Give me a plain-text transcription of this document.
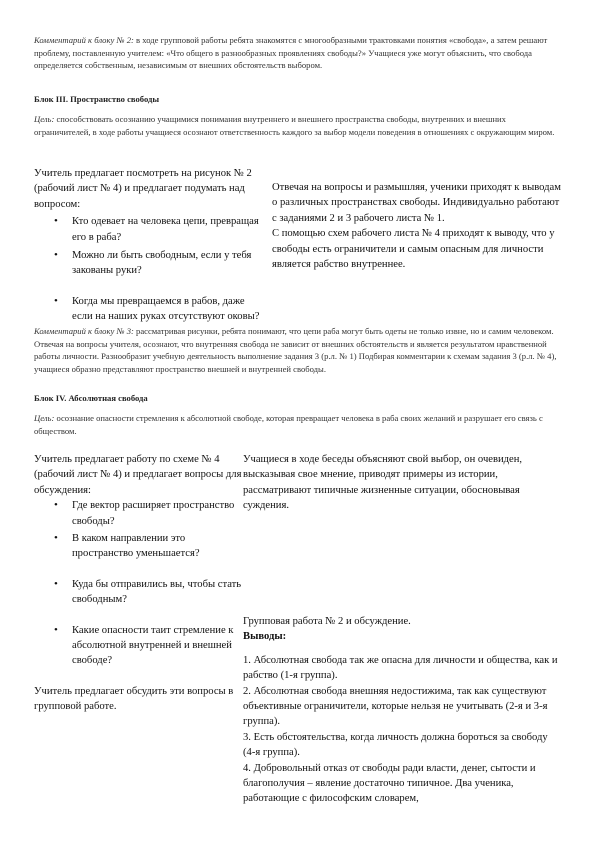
Комментарий к блоку № 2: в ходе групповой работы ребята знакомятся с многообразными трактовками понятия «свобода», а затем решают проблему, поставленную учителем: «Что общего в разнообразных проявлениях свободы?» Учащиеся уже могут объяснить, что свобода определяется собственным, независимым от внешних обстоятельств выбором.
Блок III. Пространство свободы
Цель: способствовать осознанию учащимися понимания внутреннего и внешнего пространства свободы, внутренних и внешних ограничителей, в ходе работы учащиеся осознают ответственность каждого за выбор модели поведения в отношениях с окружающим миром.

Учитель предлагает посмотреть на рисунок № 2 (рабочий лист № 4) и предлагает подумать над вопросом:

• Кто одевает на человека цепи, превращая его в раба?
• Можно ли быть свободным, если у тебя закованы руки?
• Когда мы превращаемся в рабов, даже если на наших руках отсутствуют оковы?

Отвечая на вопросы и размышляя, ученики приходят к выводам о различных пространствах свободы. Индивидуально работают с заданиями 2 и 3 рабочего листа № 1.

С помощью схем рабочего листа № 4 приходят к выводу, что у свободы есть ограничители и самым опасным для личности является рабство внутреннее.

Комментарий к блоку № 3: рассматривая рисунки, ребята понимают, что цепи раба могут быть одеты не только извне, но и самим человеком. Отвечая на вопросы учителя, осознают, что внутренняя свобода не зависит от внешних обстоятельств и является результатом нравственной работы личности. Разнообразит учебную деятельность выполнение задания 3 (р.л. № 1) Подбирая комментарии к схемам задания 3 (р.л. № 4), учащиеся образно представляют пространство внешней и внутренней свободы.
Блок IV. Абсолютная свобода
Цель: осознание опасности стремления к абсолютной свободе, которая превращает человека в раба своих желаний и разрушает его связь с обществом.

Учитель предлагает работу по схеме № 4 (рабочий лист № 4) и предлагает вопросы для обсуждения:

• Где вектор расширяет пространство свободы?
• В каком направлении это пространство уменьшается?
• Куда бы отправились вы, чтобы стать свободным?
• Какие опасности таит стремление к абсолютной внутренней и внешней свободе?

Учитель предлагает обсудить эти вопросы в групповой работе.

Учащиеся в ходе беседы объясняют свой выбор, он очевиден, высказывая свое мнение, приводят примеры из истории, рассматривают типичные жизненные ситуации, обосновывая суждения.

Групповая работа № 2 и обсуждение.

Выводы:

1. Абсолютная свобода так же опасна для личности и общества, как и рабство (1-я группа).

2. Абсолютная свобода внешняя недостижима, так как существуют объективные ограничители, которые нельзя не учитывать (2-я и 3-я группа).

3. Есть обстоятельства, когда личность должна бороться за свободу (4-я группа).

4. Добровольный отказ от свободы ради власти, денег, сытости и благополучия – явление достаточно типичное. Два ученика, работающие с философским словарем,
